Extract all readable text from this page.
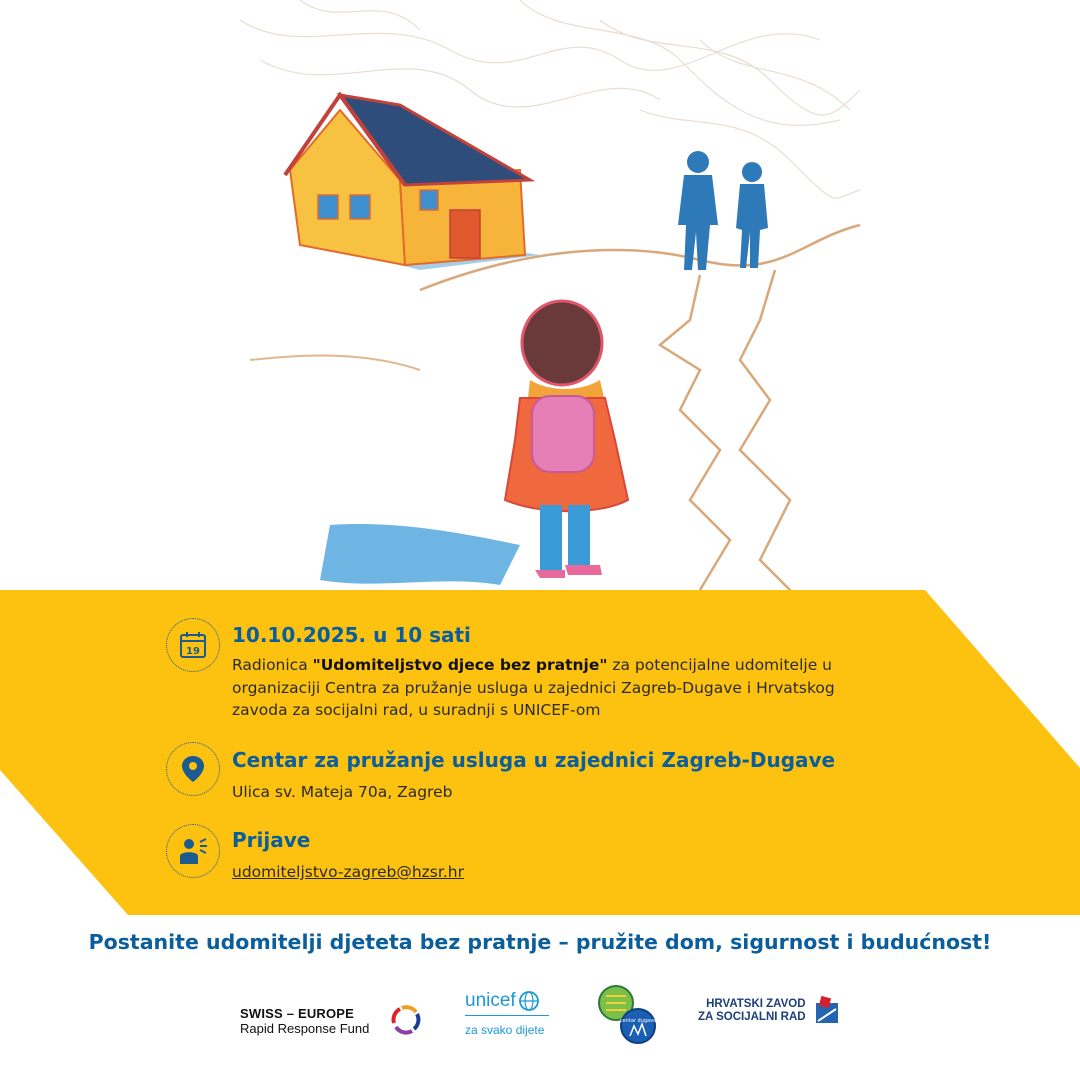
19
10.10.2025. u 10 sati
Radionica "Udomiteljstvo djece bez pratnje" za potencijalne udomitelje u
organizaciji Centra za pružanje usluga u zajednici Zagreb-Dugave i Hrvatskog
zavoda za socijalni rad, u suradnji s UNICEF-om
Centar za pružanje usluga u zajednici Zagreb-Dugave
Ulica sv. Mateja 70a, Zagreb
Prijave
udomiteljstvo-zagreb@hzsr.hr
Postanite udomitelji djeteta bez pratnje – pružite dom, sigurnost i budućnost!
SWISS – EUROPE
Rapid Response Fund
unicef
za svako dijete
centar dugave
HRVATSKI ZAVOD
ZA SOCIJALNI RAD
